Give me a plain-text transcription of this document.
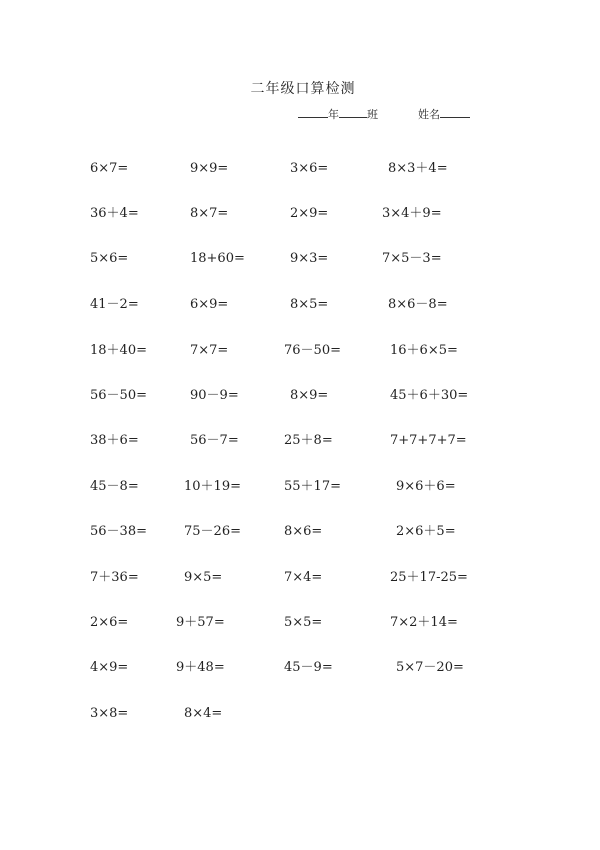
二年级口算检测
年	班	姓名
6×7=	9×9=	3×6=	8×3＋4=
36＋4=	8×7=	2×9=	3×4＋9=
5×6=	18+60=	9×3=	7×5－3=
41－2=	6×9=	8×5=	8×6－8=
18＋40=	7×7=	76－50=	16＋6×5=
56－50=	90－9=	8×9=	45＋6＋30=
38＋6=	56－7=	25＋8=	7+7+7+7=
45－8=	10＋19=	55＋17=	9×6＋6=
56－38=	75－26=	8×6=	2×6＋5=
7＋36=	9×5=	7×4=	25＋17-25=
2×6=	9＋57=	5×5=	7×2＋14=
4×9=	9＋48=	45－9=	5×7－20=
3×8=	8×4=
